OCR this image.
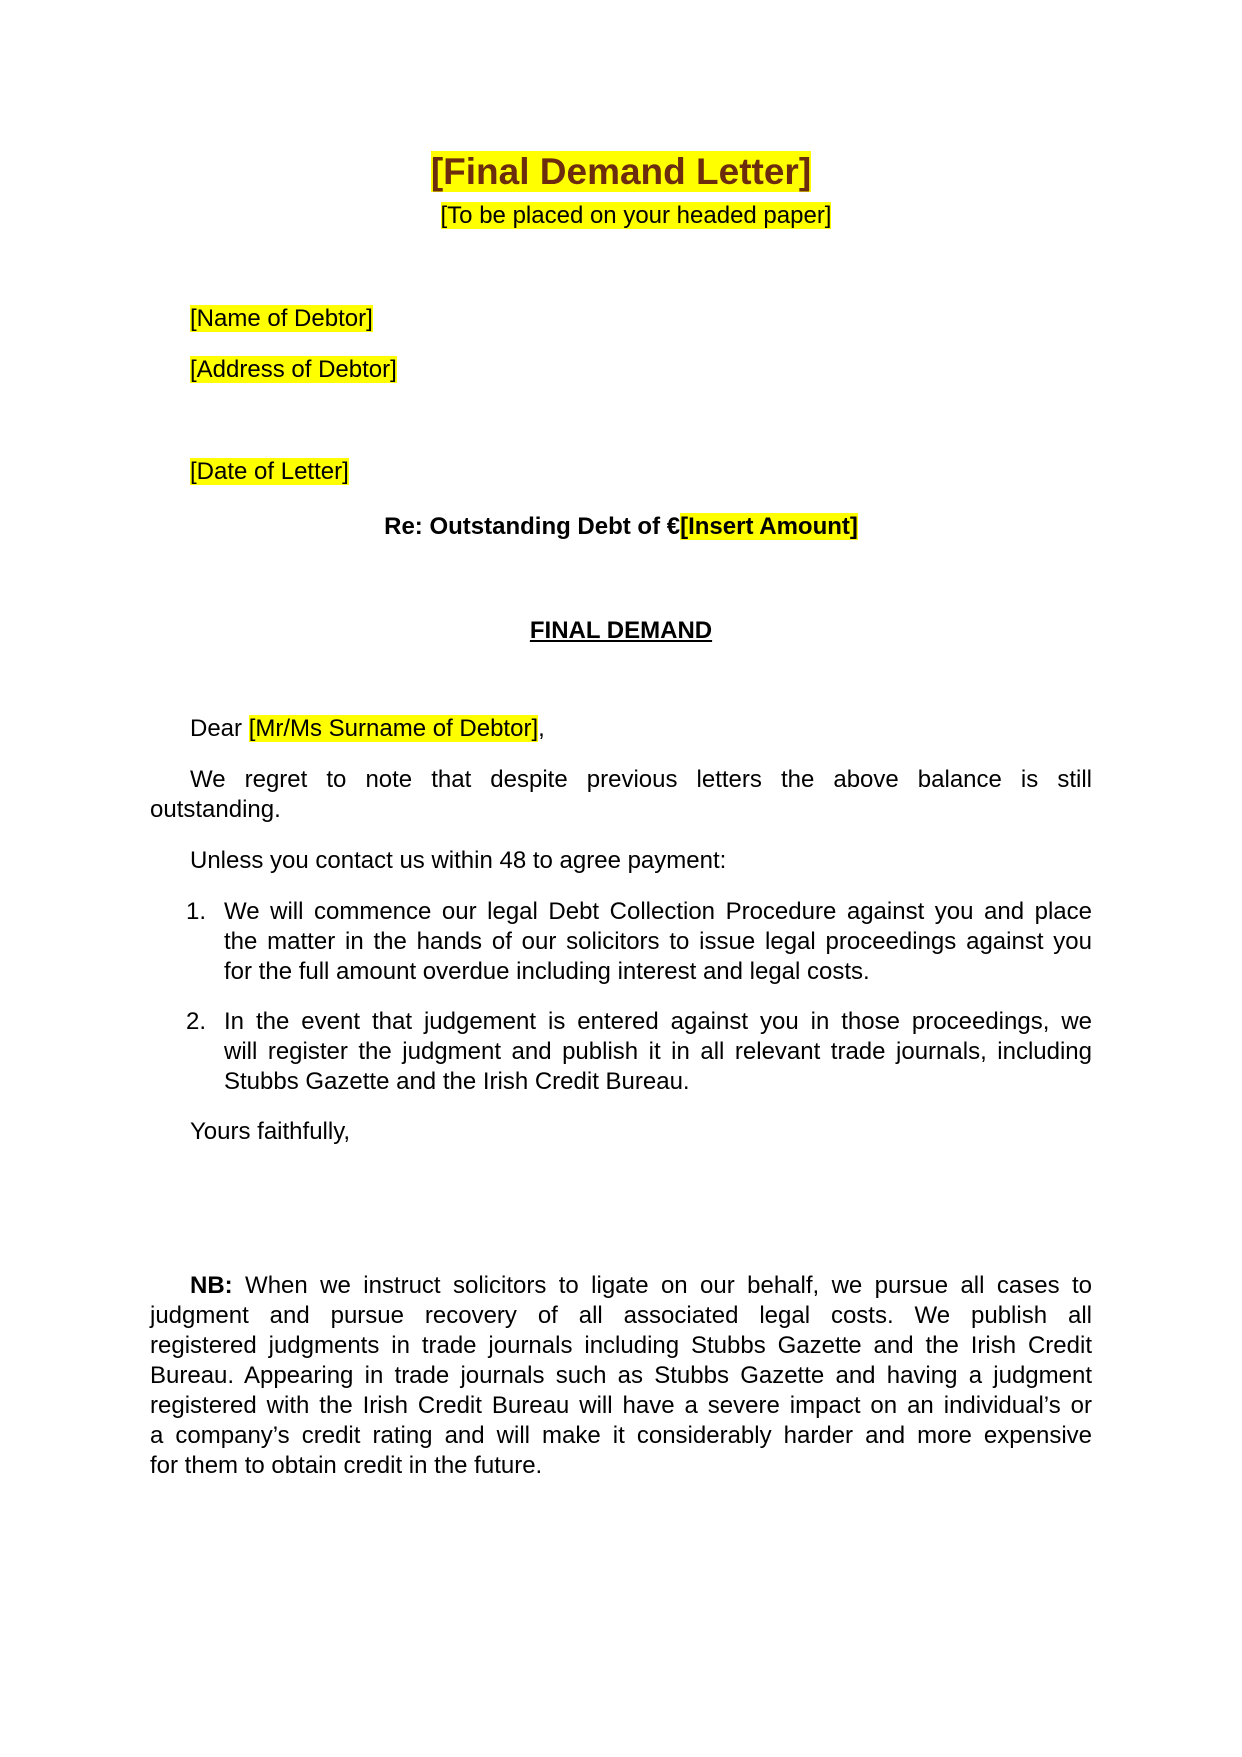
[Final Demand Letter]
[To be placed on your headed paper]
[Name of Debtor]
[Address of Debtor]
[Date of Letter]
Re: Outstanding Debt of €[Insert Amount]
FINAL DEMAND
Dear [Mr/Ms Surname of Debtor],
We regret to note that despite previous letters the above balance is still
outstanding.
Unless you contact us within 48 to agree payment:
1. We will commence our legal Debt Collection Procedure against you and place
the matter in the hands of our solicitors to issue legal proceedings against you
for the full amount overdue including interest and legal costs.
2. In the event that judgement is entered against you in those proceedings, we
will register the judgment and publish it in all relevant trade journals, including
Stubbs Gazette and the Irish Credit Bureau.
Yours faithfully,
NB: When we instruct solicitors to ligate on our behalf, we pursue all cases to
judgment and pursue recovery of all associated legal costs. We publish all
registered judgments in trade journals including Stubbs Gazette and the Irish Credit
Bureau. Appearing in trade journals such as Stubbs Gazette and having a judgment
registered with the Irish Credit Bureau will have a severe impact on an individual’s or
a company’s credit rating and will make it considerably harder and more expensive
for them to obtain credit in the future.
